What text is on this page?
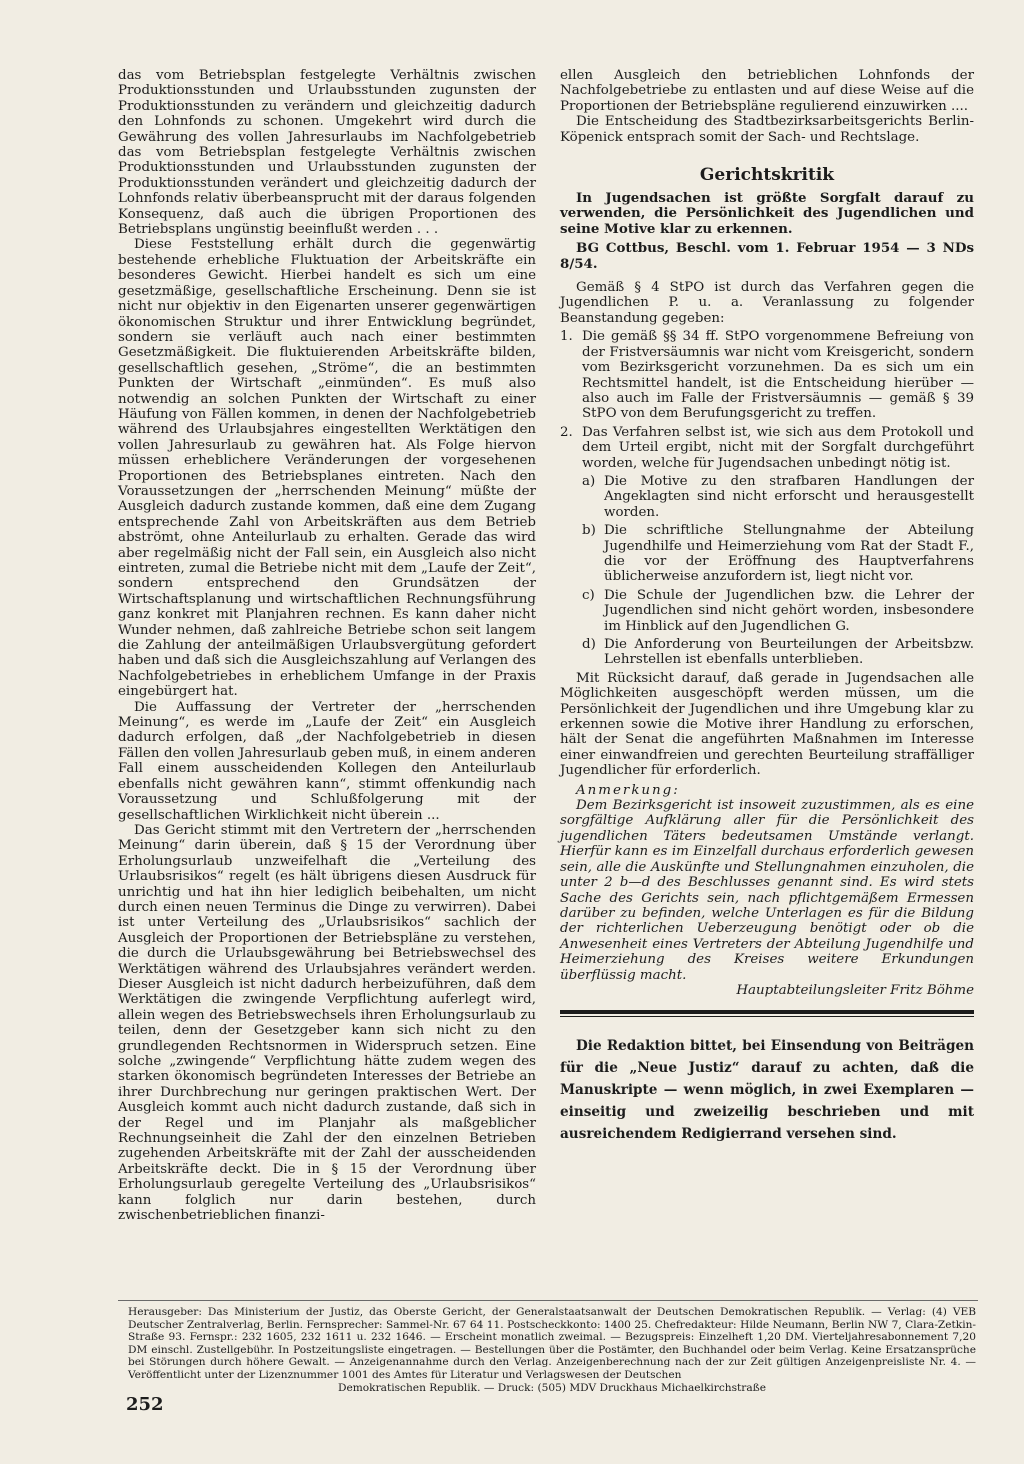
das vom Betriebsplan festgelegte Verhältnis zwischen Produktionsstunden und Urlaubsstunden zugunsten der Produktionsstunden zu verändern und gleichzeitig dadurch den Lohnfonds zu schonen. Umgekehrt wird durch die Gewährung des vollen Jahresurlaubs im Nachfolgebetrieb das vom Betriebsplan festgelegte Verhältnis zwischen Produktionsstunden und Urlaubsstunden zugunsten der Produktionsstunden verändert und gleichzeitig dadurch der Lohnfonds relativ überbeansprucht mit der daraus folgenden Konsequenz, daß auch die übrigen Proportionen des Betriebsplans ungünstig beeinflußt werden . . .

Diese Feststellung erhält durch die gegenwärtig bestehende erhebliche Fluktuation der Arbeitskräfte ein besonderes Gewicht. Hierbei handelt es sich um eine gesetzmäßige, gesellschaftliche Erscheinung. Denn sie ist nicht nur objektiv in den Eigenarten unserer gegenwärtigen ökonomischen Struktur und ihrer Entwicklung begründet, sondern sie verläuft auch nach einer bestimmten Gesetzmäßigkeit. Die fluktuierenden Arbeitskräfte bilden, gesellschaftlich gesehen, „Ströme“, die an bestimmten Punkten der Wirtschaft „einmünden“. Es muß also notwendig an solchen Punkten der Wirtschaft zu einer Häufung von Fällen kommen, in denen der Nachfolgebetrieb während des Urlaubsjahres eingestellten Werktätigen den vollen Jahresurlaub zu gewähren hat. Als Folge hiervon müssen erheblichere Veränderungen der vorgesehenen Proportionen des Betriebsplanes eintreten. Nach den Voraussetzungen der „herrschenden Meinung“ müßte der Ausgleich dadurch zustande kommen, daß eine dem Zugang entsprechende Zahl von Arbeitskräften aus dem Betrieb abströmt, ohne Anteilurlaub zu erhalten. Gerade das wird aber regelmäßig nicht der Fall sein, ein Ausgleich also nicht eintreten, zumal die Betriebe nicht mit dem „Laufe der Zeit“, sondern entsprechend den Grundsätzen der Wirtschaftsplanung und wirtschaftlichen Rechnungsführung ganz konkret mit Planjahren rechnen. Es kann daher nicht Wunder nehmen, daß zahlreiche Betriebe schon seit langem die Zahlung der anteilmäßigen Urlaubsvergütung gefordert haben und daß sich die Ausgleichszahlung auf Verlangen des Nachfolgebetriebes in erheblichem Umfange in der Praxis eingebürgert hat.

Die Auffassung der Vertreter der „herrschenden Meinung“, es werde im „Laufe der Zeit“ ein Ausgleich dadurch erfolgen, daß „der Nachfolgebetrieb in diesen Fällen den vollen Jahresurlaub geben muß, in einem anderen Fall einem ausscheidenden Kollegen den Anteilurlaub ebenfalls nicht gewähren kann“, stimmt offenkundig nach Voraussetzung und Schlußfolgerung mit der gesellschaftlichen Wirklichkeit nicht überein ...

Das Gericht stimmt mit den Vertretern der „herrschenden Meinung“ darin überein, daß § 15 der Verordnung über Erholungsurlaub unzweifelhaft die „Verteilung des Urlaubsrisikos“ regelt (es hält übrigens diesen Ausdruck für unrichtig und hat ihn hier lediglich beibehalten, um nicht durch einen neuen Terminus die Dinge zu verwirren). Dabei ist unter Verteilung des „Urlaubsrisikos“ sachlich der Ausgleich der Proportionen der Betriebspläne zu verstehen, die durch die Urlaubsgewährung bei Betriebswechsel des Werktätigen während des Urlaubsjahres verändert werden. Dieser Ausgleich ist nicht dadurch herbeizuführen, daß dem Werktätigen die zwingende Verpflichtung auferlegt wird, allein wegen des Betriebswechsels ihren Erholungsurlaub zu teilen, denn der Gesetzgeber kann sich nicht zu den grundlegenden Rechtsnormen in Widerspruch setzen. Eine solche „zwingende“ Verpflichtung hätte zudem wegen des starken ökonomisch begründeten Interesses der Betriebe an ihrer Durchbrechung nur geringen praktischen Wert. Der Ausgleich kommt auch nicht dadurch zustande, daß sich in der Regel und im Planjahr als maßgeblicher Rechnungseinheit die Zahl der den einzelnen Betrieben zugehenden Arbeitskräfte mit der Zahl der ausscheidenden Arbeitskräfte deckt. Die in § 15 der Verordnung über Erholungsurlaub geregelte Verteilung des „Urlaubsrisikos“ kann folglich nur darin bestehen, durch zwischenbetrieblichen finanzi-

ellen Ausgleich den betrieblichen Lohnfonds der Nachfolgebetriebe zu entlasten und auf diese Weise auf die Proportionen der Betriebspläne regulierend einzuwirken ....

Die Entscheidung des Stadtbezirksarbeitsgerichts Berlin-Köpenick entsprach somit der Sach- und Rechtslage.

Gerichtskritik

In Jugendsachen ist größte Sorgfalt darauf zu verwenden, die Persönlichkeit des Jugendlichen und seine Motive klar zu erkennen.

BG Cottbus, Beschl. vom 1. Februar 1954 — 3 NDs 8/54.

Gemäß § 4 StPO ist durch das Verfahren gegen die Jugendlichen P. u. a. Veranlassung zu folgender Beanstandung gegeben:

1. Die gemäß §§ 34 ff. StPO vorgenommene Befreiung von der Fristversäumnis war nicht vom Kreisgericht, sondern vom Bezirksgericht vorzunehmen. Da es sich um ein Rechtsmittel handelt, ist die Entscheidung hierüber — also auch im Falle der Fristversäumnis — gemäß § 39 StPO von dem Berufungsgericht zu treffen.
2. Das Verfahren selbst ist, wie sich aus dem Protokoll und dem Urteil ergibt, nicht mit der Sorgfalt durchgeführt worden, welche für Jugendsachen unbedingt nötig ist.
a) Die Motive zu den strafbaren Handlungen der Angeklagten sind nicht erforscht und herausgestellt worden.
b) Die schriftliche Stellungnahme der Abteilung Jugendhilfe und Heimerziehung vom Rat der Stadt F., die vor der Eröffnung des Hauptverfahrens üblicherweise anzufordern ist, liegt nicht vor.
c) Die Schule der Jugendlichen bzw. die Lehrer der Jugendlichen sind nicht gehört worden, insbesondere im Hinblick auf den Jugendlichen G.
d) Die Anforderung von Beurteilungen der Arbeitsbzw. Lehrstellen ist ebenfalls unterblieben.

Mit Rücksicht darauf, daß gerade in Jugendsachen alle Möglichkeiten ausgeschöpft werden müssen, um die Persönlichkeit der Jugendlichen und ihre Umgebung klar zu erkennen sowie die Motive ihrer Handlung zu erforschen, hält der Senat die angeführten Maßnahmen im Interesse einer einwandfreien und gerechten Beurteilung straffälliger Jugendlicher für erforderlich.

Anmerkung:

Dem Bezirksgericht ist insoweit zuzustimmen, als es eine sorgfältige Aufklärung aller für die Persönlichkeit des jugendlichen Täters bedeutsamen Umstände verlangt. Hierfür kann es im Einzelfall durchaus erforderlich gewesen sein, alle die Auskünfte und Stellungnahmen einzuholen, die unter 2 b—d des Beschlusses genannt sind. Es wird stets Sache des Gerichts sein, nach pflichtgemäßem Ermessen darüber zu befinden, welche Unterlagen es für die Bildung der richterlichen Ueberzeugung benötigt oder ob die Anwesenheit eines Vertreters der Abteilung Jugendhilfe und Heimerziehung des Kreises weitere Erkundungen überflüssig macht.

Hauptabteilungsleiter Fritz Böhme

Die Redaktion bittet, bei Einsendung von Beiträgen für die „Neue Justiz“ darauf zu achten, daß die Manuskripte — wenn möglich, in zwei Exemplaren — einseitig und zweizeilig beschrieben und mit ausreichendem Redigierrand versehen sind.

Herausgeber: Das Ministerium der Justiz, das Oberste Gericht, der Generalstaatsanwalt der Deutschen Demokratischen Republik. — Verlag: (4) VEB Deutscher Zentralverlag, Berlin. Fernsprecher: Sammel-Nr. 67 64 11. Postscheckkonto: 1400 25. Chefredakteur: Hilde Neumann, Berlin NW 7, Clara-Zetkin-Straße 93. Fernspr.: 232 1605, 232 1611 u. 232 1646. — Erscheint monatlich zweimal. — Bezugspreis: Einzelheft 1,20 DM. Vierteljahresabonnement 7,20 DM einschl. Zustellgebühr. In Postzeitungsliste eingetragen. — Bestellungen über die Postämter, den Buchhandel oder beim Verlag. Keine Ersatzansprüche bei Störungen durch höhere Gewalt. — Anzeigenannahme durch den Verlag. Anzeigenberechnung nach der zur Zeit gültigen Anzeigenpreisliste Nr. 4. — Veröffentlicht unter der Lizenznummer 1001 des Amtes für Literatur und Verlagswesen der Deutschen

Demokratischen Republik. — Druck: (505) MDV Druckhaus Michaelkirchstraße

252
